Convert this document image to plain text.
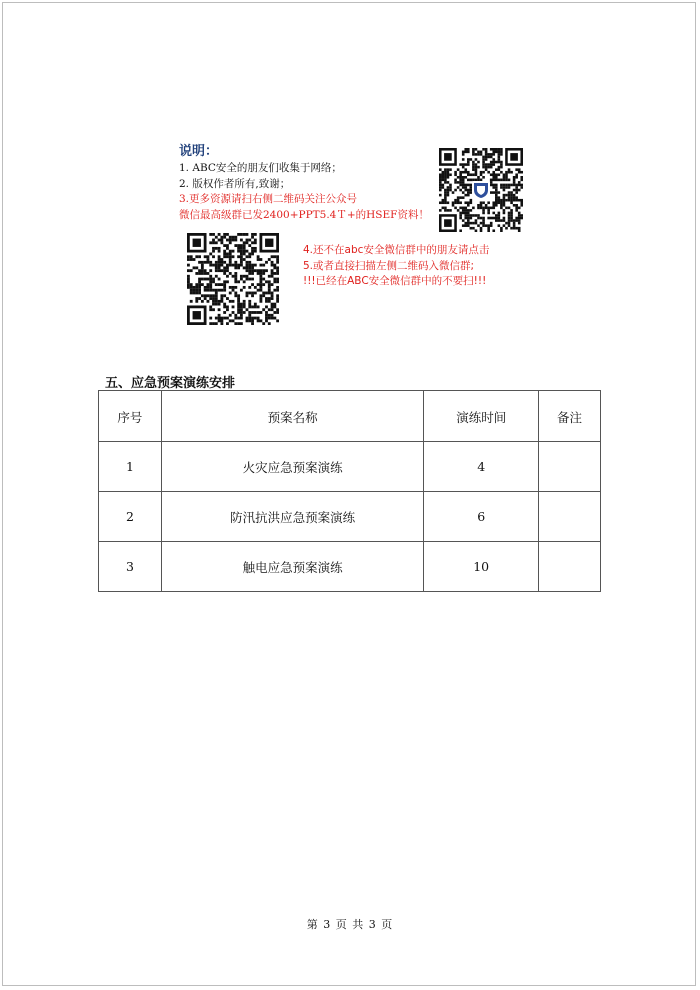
说明：
1. ABC安全的朋友们收集于网络；
2. 版权作者所有,致谢；
3.更多资源请扫右侧二维码关注公众号
微信最高级群已发2400+PPT5.4Ｔ+的HSEF资料！
4.还不在abc安全微信群中的朋友请点击
5.或者直接扫描左侧二维码入微信群;
!!!已经在ABC安全微信群中的不要扫!!!
五、应急预案演练安排
序号	预案名称	演练时间	备注
1	火灾应急预案演练	4	
2	防汛抗洪应急预案演练	6	
3	触电应急预案演练	10	
第 3 页 共 3 页
